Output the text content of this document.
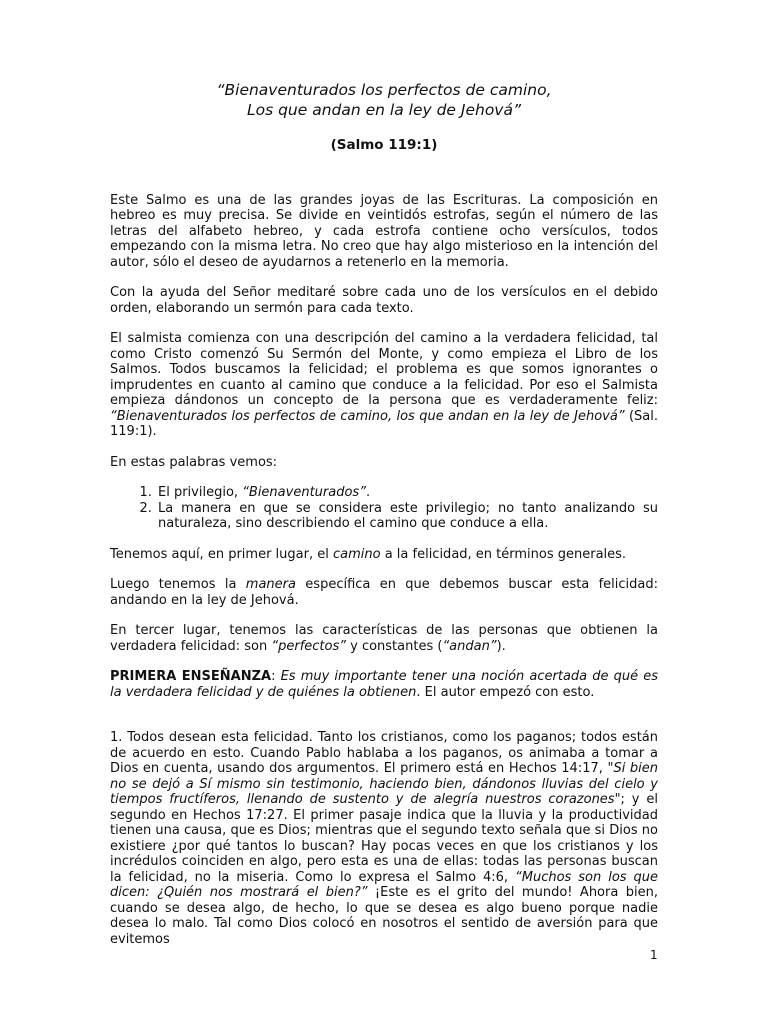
“Bienaventurados los perfectos de camino,
Los que andan en la ley de Jehová”
(Salmo 119:1)

Este Salmo es una de las grandes joyas de las Escrituras. La composición en hebreo es muy precisa. Se divide en veintidós estrofas, según el número de las letras del alfabeto hebreo, y cada estrofa contiene ocho versículos, todos empezando con la misma letra. No creo que hay algo misterioso en la intención del autor, sólo el deseo de ayudarnos a retenerlo en la memoria.

Con la ayuda del Señor meditaré sobre cada uno de los versículos en el debido orden, elaborando un sermón para cada texto.

El salmista comienza con una descripción del camino a la verdadera felicidad, tal como Cristo comenzó Su Sermón del Monte, y como empieza el Libro de los Salmos. Todos buscamos la felicidad; el problema es que somos ignorantes o imprudentes en cuanto al camino que conduce a la felicidad. Por eso el Salmista empieza dándonos un concepto de la persona que es verdaderamente feliz: “Bienaventurados los perfectos de camino, los que andan en la ley de Jehová” (Sal. 119:1).

En estas palabras vemos:

1. El privilegio, “Bienaventurados”.
2. La manera en que se considera este privilegio; no tanto analizando su naturaleza, sino describiendo el camino que conduce a ella.

Tenemos aquí, en primer lugar, el camino a la felicidad, en términos generales.

Luego tenemos la manera específica en que debemos buscar esta felicidad: andando en la ley de Jehová.

En tercer lugar, tenemos las características de las personas que obtienen la verdadera felicidad: son “perfectos” y constantes (“andan”).

PRIMERA ENSEÑANZA: Es muy importante tener una noción acertada de qué es la verdadera felicidad y de quiénes la obtienen. El autor empezó con esto.

1. Todos desean esta felicidad. Tanto los cristianos, como los paganos; todos están de acuerdo en esto. Cuando Pablo hablaba a los paganos, os animaba a tomar a Dios en cuenta, usando dos argumentos. El primero está en Hechos 14:17, "Si bien no se dejó a Sí mismo sin testimonio, haciendo bien, dándonos lluvias del cielo y tiempos fructíferos, llenando de sustento y de alegría nuestros corazones"; y el segundo en Hechos 17:27. El primer pasaje indica que la lluvia y la productividad tienen una causa, que es Dios; mientras que el segundo texto señala que si Dios no existiere ¿por qué tantos lo buscan? Hay pocas veces en que los cristianos y los incrédulos coinciden en algo, pero esta es una de ellas: todas las personas buscan la felicidad, no la miseria. Como lo expresa el Salmo 4:6, “Muchos son los que dicen: ¿Quién nos mostrará el bien?” ¡Este es el grito del mundo! Ahora bien, cuando se desea algo, de hecho, lo que se desea es algo bueno porque nadie desea lo malo. Tal como Dios colocó en nosotros el sentido de aversión para que evitemos

1
